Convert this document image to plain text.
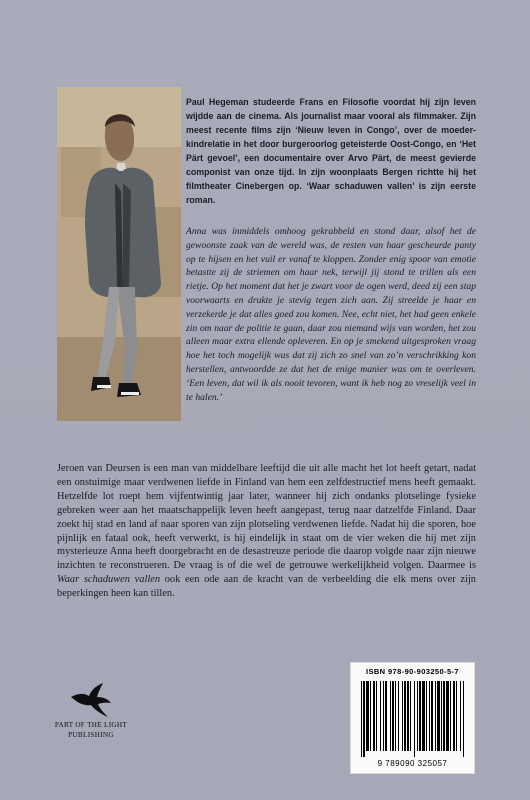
Paul Hegeman studeerde Frans en Filosofie voordat hij zijn leven wijdde aan de cinema. Als journalist maar vooral als filmmaker. Zijn meest recente films zijn ‘Nieuw leven in Congo’, over de moeder-kindrelatie in het door burgeroorlog geteisterde Oost-Congo, en ‘Het Pärt gevoel’, een documentaire over Arvo Pärt, de meest gevierde componist van onze tijd. In zijn woonplaats Bergen richtte hij het filmtheater Cinebergen op. ‘Waar schaduwen vallen’ is zijn eerste roman.

Anna was inmiddels omhoog gekrabbeld en stond daar, alsof het de gewoonste zaak van de wereld was, de resten van haar gescheurde panty op te hijsen en het vuil er vanaf te kloppen. Zonder enig spoor van emotie betastte zij de striemen om haar nek, terwijl jij stond te trillen als een rietje. Op het moment dat het je zwart voor de ogen werd, deed zij een stap voorwaarts en drukte je stevig tegen zich aan. Zij streelde je haar en verzekerde je dat alles goed zou komen. Nee, echt niet, het had geen enkele zin om naar de politie te gaan, daar zou niemand wijs van worden, het zou alleen maar extra ellende opleveren. En op je smekend uitgesproken vraag hoe het toch mogelijk was dat zij zich zo snel van zo’n verschrikking kon herstellen, antwoordde ze dat het de enige manier was om te overleven. ‘Een leven, dat wil ik als nooit tevoren, want ik heb nog zo vreselijk veel in te halen.’

Jeroen van Deursen is een man van middelbare leeftijd die uit alle macht het lot heeft getart, nadat een onstuimige maar verdwenen liefde in Finland van hem een zelfdestructief mens heeft gemaakt. Hetzelfde lot roept hem vijfentwintig jaar later, wanneer hij zich ondanks plotselinge fysieke gebreken weer aan het maatschappelijk leven heeft aangepast, terug naar datzelfde Finland. Daar zoekt hij stad en land af naar sporen van zijn plotseling verdwenen liefde. Nadat hij die sporen, hoe pijnlijk en fataal ook, heeft verwerkt, is hij eindelijk in staat om de vier weken die hij met zijn mysterieuze Anna heeft doorgebracht en de desastreuze periode die daarop volgde naar zijn nieuwe inzichten te reconstrueren. De vraag is of die wel de getrouwe werkelijkheid volgen. Daarmee is Waar schaduwen vallen ook een ode aan de kracht van de verbeelding die elk mens over zijn beperkingen heen kan tillen.

PART OF THE LIGHT
PUBLISHING
ISBN 978-90-903250-5-7
9 789090 325057
